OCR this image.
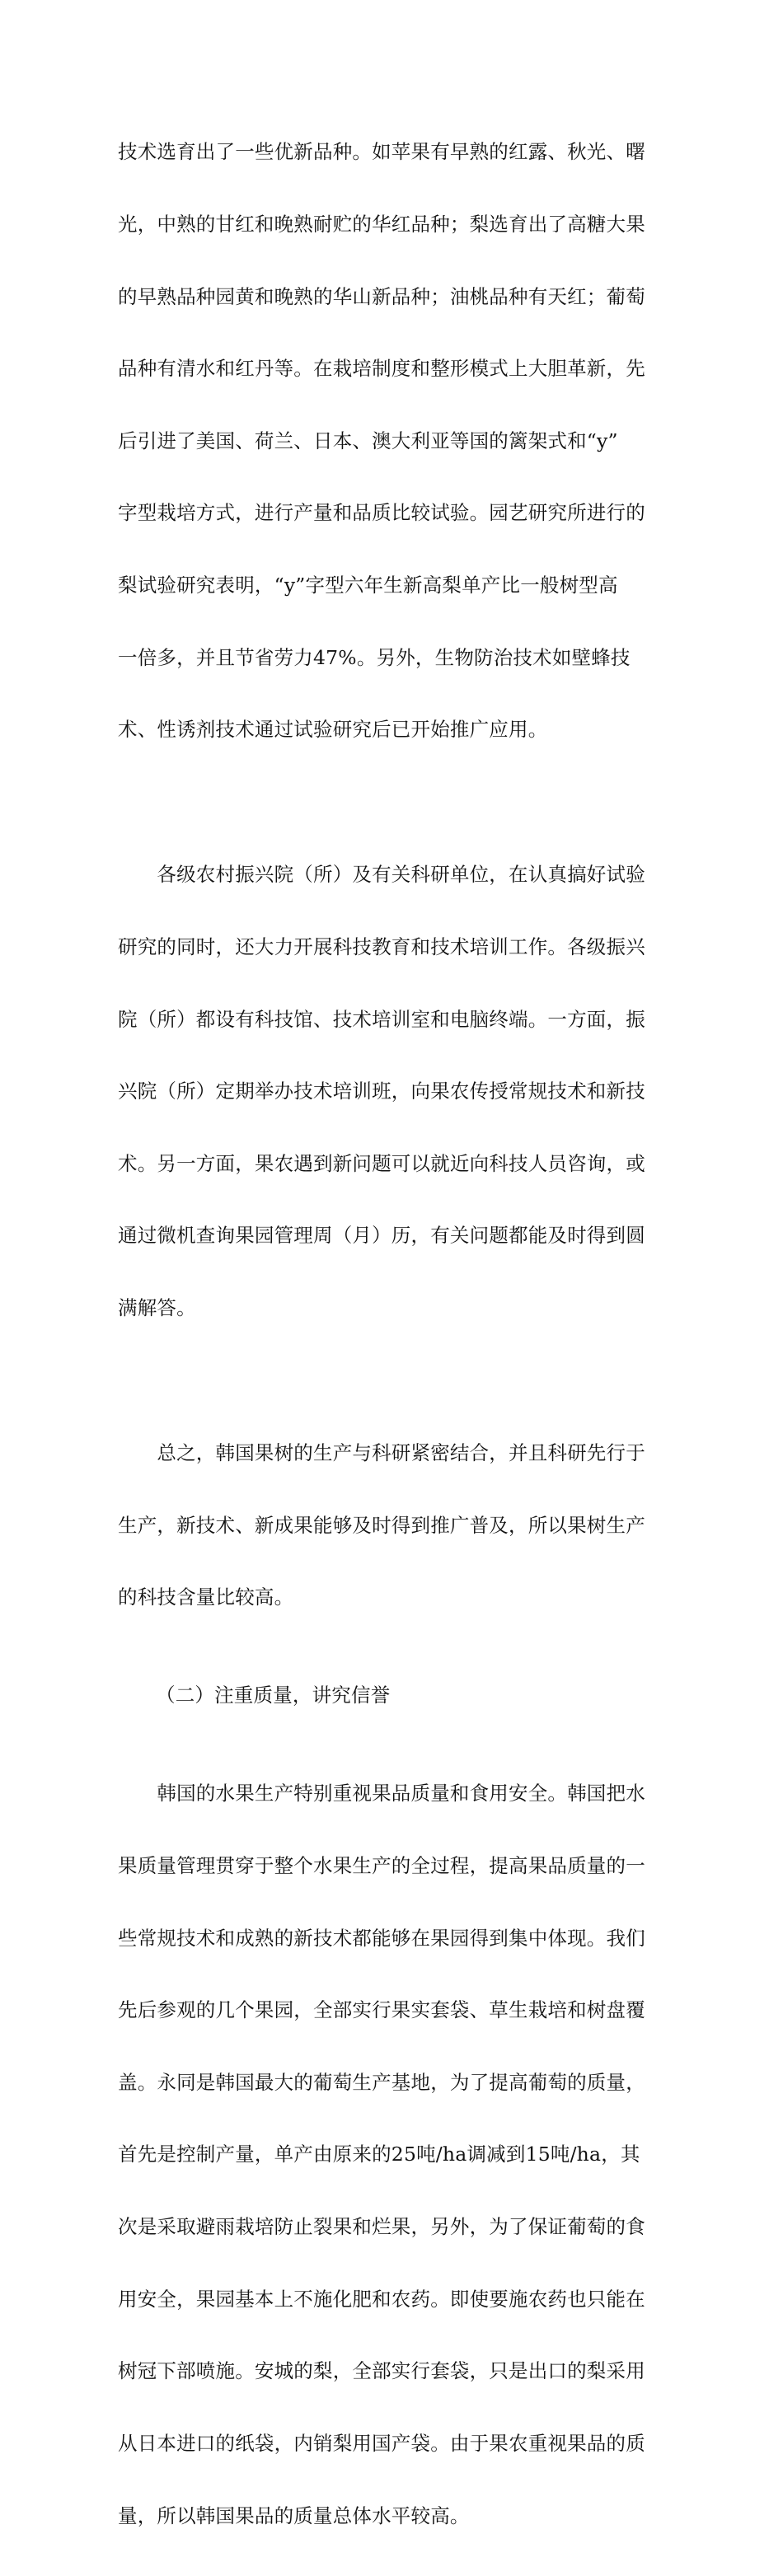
技术选育出了一些优新品种。如苹果有早熟的红露、秋光、曙

光，中熟的甘红和晚熟耐贮的华红品种；梨选育出了高糖大果

的早熟品种园黄和晚熟的华山新品种；油桃品种有天红；葡萄

品种有清水和红丹等。在栽培制度和整形模式上大胆革新，先

后引进了美国、荷兰、日本、澳大利亚等国的篱架式和“y”

字型栽培方式，进行产量和品质比较试验。园艺研究所进行的

梨试验研究表明，“y”字型六年生新高梨单产比一般树型高

一倍多，并且节省劳力47%。另外，生物防治技术如壁蜂技

术、性诱剂技术通过试验研究后已开始推广应用。

　　各级农村振兴院（所）及有关科研单位，在认真搞好试验

研究的同时，还大力开展科技教育和技术培训工作。各级振兴

院（所）都设有科技馆、技术培训室和电脑终端。一方面，振

兴院（所）定期举办技术培训班，向果农传授常规技术和新技

术。另一方面，果农遇到新问题可以就近向科技人员咨询，或

通过微机查询果园管理周（月）历，有关问题都能及时得到圆

满解答。

　　总之，韩国果树的生产与科研紧密结合，并且科研先行于

生产，新技术、新成果能够及时得到推广普及，所以果树生产

的科技含量比较高。

（二）注重质量，讲究信誉

　　韩国的水果生产特别重视果品质量和食用安全。韩国把水

果质量管理贯穿于整个水果生产的全过程，提高果品质量的一

些常规技术和成熟的新技术都能够在果园得到集中体现。我们

先后参观的几个果园，全部实行果实套袋、草生栽培和树盘覆

盖。永同是韩国最大的葡萄生产基地，为了提高葡萄的质量，

首先是控制产量，单产由原来的25吨/ha调减到15吨/ha，其

次是采取避雨栽培防止裂果和烂果，另外，为了保证葡萄的食

用安全，果园基本上不施化肥和农药。即使要施农药也只能在

树冠下部喷施。安城的梨，全部实行套袋，只是出口的梨采用

从日本进口的纸袋，内销梨用国产袋。由于果农重视果品的质

量，所以韩国果品的质量总体水平较高。
